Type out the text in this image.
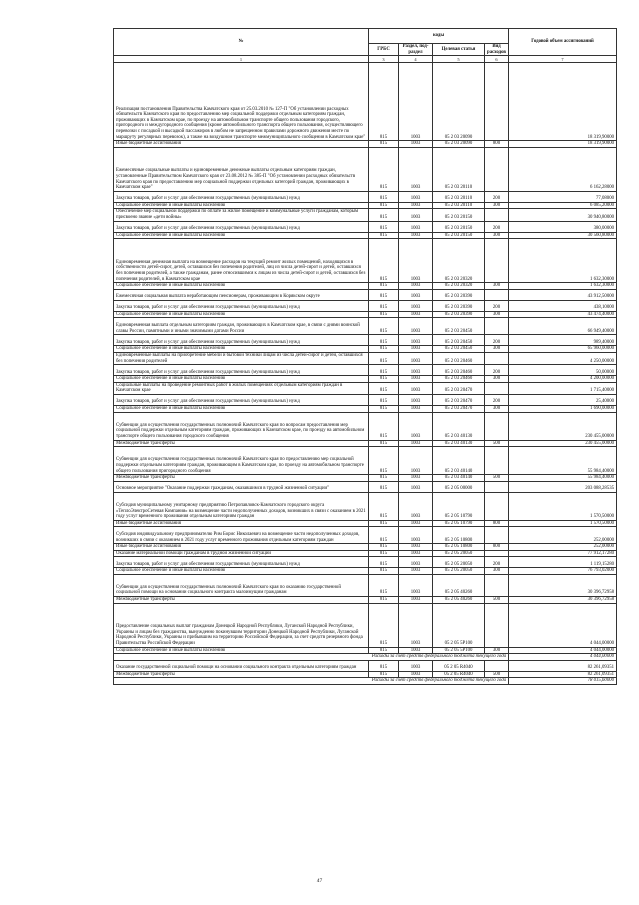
	№	коды				Годовой объем ассигнований
	ГРБС	Раздел, под-раздел	Целевая статья	Вид расходов	
	1	3	4	5	6	7
	Реализация постановления Правительства Камчатского края от 25.03.2010 № 127-П "Об установлении расходных обязательств Камчатского края по предоставлению мер социальной поддержки отдельным категориям граждан, проживающих в Камчатском крае, по проезду на автомобильном транспорте общего пользования городского, пригородного и междугородного сообщения (кроме автомобильного транспорта общего пользования, осуществляющего перевозки с посадкой и высадкой пассажиров в любом не запрещенном правилами дорожного движения месте по маршруту регулярных перевозок), а также на воздушном транспорте межмуниципального сообщения в Камчатском крае"	815	1003	05 2 03 20090		18 319,90000
	Иные бюджетные ассигнования	815	1003	05 2 03 20090	800	18 319,90000
	Ежемесячные социальные выплаты и единовременные денежные выплаты отдельным категориям граждан, установленные Правительством Камчатского края от 23.08.2012 № 385-П "Об установлении расходных обязательств Камчатского края по предоставлению мер социальной поддержки отдельных категорий граждан, проживающих в Камчатском крае"	815	1003	05 2 03 20110		6 162,28000
	Закупка товаров, работ и услуг для обеспечения государственных (муниципальных) нужд	815	1003	05 2 03 20110	200	77,08000
	Социальное обеспечение и иные выплаты населению	815	1003	05 2 03 20110	300	6 085,20000
	Обеспечение мер социальной поддержки по оплате за жилое помещение и коммунальные услуги гражданам, которым присвоено звание «дети войны»	815	1003	05 2 03 20150		30 940,80000
	Закупка товаров, работ и услуг для обеспечения государственных (муниципальных) нужд	815	1003	05 2 03 20150	200	380,00000
	Социальное обеспечение и иные выплаты населению	815	1003	05 2 03 20150	300	30 560,80000
	Единовременная денежная выплата на возмещение расходов на текущий ремонт жилых помещений, находящихся в собственности детей-сирот, детей, оставшихся без попечения родителей, лиц из числа детей-сирот и детей, оставшихся без попечения родителей, а также гражданам, ранее относившимся к лицам из числа детей-сирот и детей, оставшихся без попечения родителей, в Камчатском крае	815	1003	05 2 03 20320		1 632,30000
	Социальное обеспечение и иные выплаты населению	815	1003	05 2 03 20320	300	1 632,30000
	Ежемесячная социальная выплата неработающим пенсионерам, проживающим в Корякском округе	815	1003	05 2 03 20390		43 912,50000
	Закупка товаров, работ и услуг для обеспечения государственных (муниципальных) нужд	815	1003	05 2 03 20390	200	438,10000
	Социальное обеспечение и иные выплаты населению	815	1003	05 2 03 20390	300	43 474,40000
	Единовременная выплата отдельным категориям граждан, проживающих в Камчатском крае, в связи с днями воинской славы России, памятными и иными значимыми датами России	815	1003	05 2 03 20450		66 949,40000
	Закупка товаров, работ и услуг для обеспечения государственных (муниципальных) нужд	815	1003	05 2 03 20450	200	989,40000
	Социальное обеспечение и иные выплаты населению	815	1003	05 2 03 20450	300	65 960,00000
	Единовременные выплаты на приобретение мебели и бытовой техники лицам из числа детей-сирот и детей, оставшихся без попечения родителей	815	1003	05 2 03 20460		4 250,00000
	Закупка товаров, работ и услуг для обеспечения государственных (муниципальных) нужд	815	1003	05 2 03 20460	200	50,00000
	Социальное обеспечение и иные выплаты населению	815	1003	05 2 03 20460	300	4 200,00000
	Социальные выплаты на проведение ремонтных работ в жилых помещениях отдельным категориям граждан в Камчатском крае	815	1003	05 2 03 20470		1 715,40000
	Закупка товаров, работ и услуг для обеспечения государственных (муниципальных) нужд	815	1003	05 2 03 20470	200	25,40000
	Социальное обеспечение и иные выплаты населению	815	1003	05 2 03 20470	300	1 690,00000
	Субвенции для осуществления государственных полномочий Камчатского края по вопросам предоставления мер социальной поддержки отдельным категориям граждан, проживающих в Камчатском крае, по проезду на автомобильном транспорте общего пользования городского сообщения	815	1003	05 2 03 40130		230 455,00000
	Межбюджетные трансферты	815	1003	05 2 03 40130	500	230 455,00000
	Субвенции для осуществления государственных полномочий Камчатского края по предоставлению мер социальной поддержки отдельным категориям граждан, проживающим в Камчатском крае, по проезду на автомобильном транспорте общего пользования пригородного сообщения	815	1003	05 2 03 40140		55 984,40000
	Межбюджетные трансферты	815	1003	05 2 03 40140	500	55 984,40000
	Основное мероприятие "Оказание поддержки гражданам, оказавшимся в трудной жизненной ситуации"	815	1003	05 2 05 00000		203 088,28535
	Субсидия муниципальному унитарному предприятию Петропавловск-Камчатского городского округа «ТеплоЭлектроСетевая Компания» на возмещение части недополученных доходов, возникших в связи с оказанием в 2021 году услуг временного проживания отдельным категориям граждан	815	1003	05 2 05 10790		1 570,50000
	Иные бюджетные ассигнования	815	1003	05 2 05 10790	800	1 570,50000
	Субсидия индивидуальному предпринимателю Рим Борис Николаевич на возмещение части недополученных доходов, возникших в связи с оказанием в 2021 году услуг временного проживания отдельным категориям граждан	815	1003	05 2 05 10800		252,00000
	Иные бюджетные ассигнования	815	1003	05 2 05 10800	800	252,00000
	Оказание материальной помощи гражданам в трудной жизненной ситуации	815	1003	05 2 05 20050		77 912,17280
	Закупка товаров, работ и услуг для обеспечения государственных (муниципальных) нужд	815	1003	05 2 05 20050	200	1 119,15280
	Социальное обеспечение и иные выплаты населению	815	1003	05 2 05 20050	300	76 793,02000
	Субвенции для осуществления государственных полномочий Камчатского края по оказанию государственной социальной помощи на основании социального контракта малоимущим гражданам	815	1003	05 2 05 40260		30 396,72958
	Межбюджетные трансферты	815	1003	05 2 05 40260	500	30 396,72958
	Предоставление социальных выплат гражданам Донецкой Народной Республики, Луганской Народной Республики, Украины и лицам без гражданства, вынужденно покинувшим территории Донецкой Народной Республики, Луганской Народной Республики, Украины и прибывшим на территорию Российской Федерации, за счет средств резервного фонда Правительства Российской Федерации	815	1003	05 2 05 5P100		4 044,00000
	Социальное обеспечение и иные выплаты населению	815	1003	05 2 05 5P100	300	4 044,00000
	Расходы за счет средств федерального бюджета текущего года					4 044,00000
	Оказание государственной социальной помощи на основании социального контракта отдельным категориям граждан	815	1003	05 2 05 R4040		82 261,09351
	Межбюджетные трансферты	815	1003	05 2 05 R4040	500	82 261,09351
	Расходы за счет средств федерального бюджета текущего года					78 015,60000
47
